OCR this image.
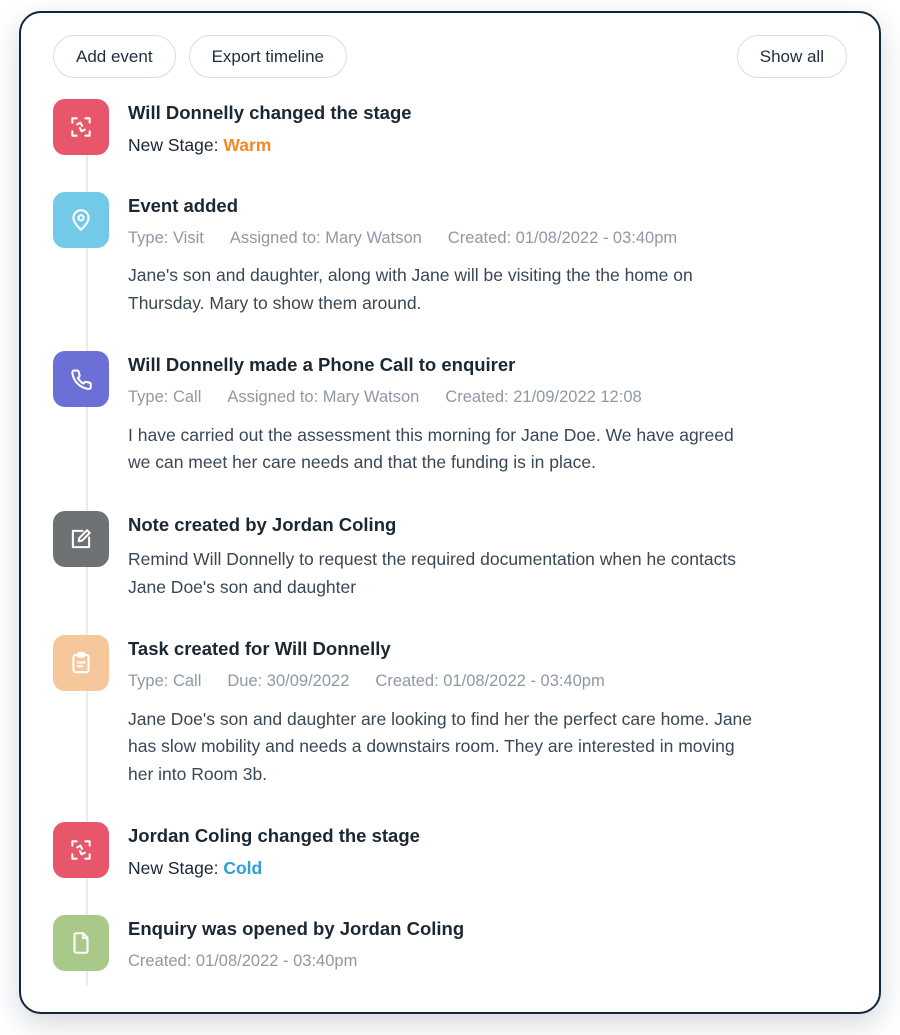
Add event	Export timeline	Show all

Will Donnelly changed the stage

New Stage: Warm

Event added

Type: Visit Assigned to: Mary Watson Created: 01/08/2022 - 03:40pm

Jane's son and daughter, along with Jane will be visiting the the home on Thursday. Mary to show them around.

Will Donnelly made a Phone Call to enquirer

Type: Call Assigned to: Mary Watson Created: 21/09/2022 12:08

I have carried out the assessment this morning for Jane Doe. We have agreed we can meet her care needs and that the funding is in place.

Note created by Jordan Coling

Remind Will Donnelly to request the required documentation when he contacts Jane Doe's son and daughter

Task created for Will Donnelly

Type: Call Due: 30/09/2022 Created: 01/08/2022 - 03:40pm

Jane Doe's son and daughter are looking to find her the perfect care home. Jane has slow mobility and needs a downstairs room. They are interested in moving her into Room 3b.

Jordan Coling changed the stage

New Stage: Cold

Enquiry was opened by Jordan Coling

Created: 01/08/2022 - 03:40pm
